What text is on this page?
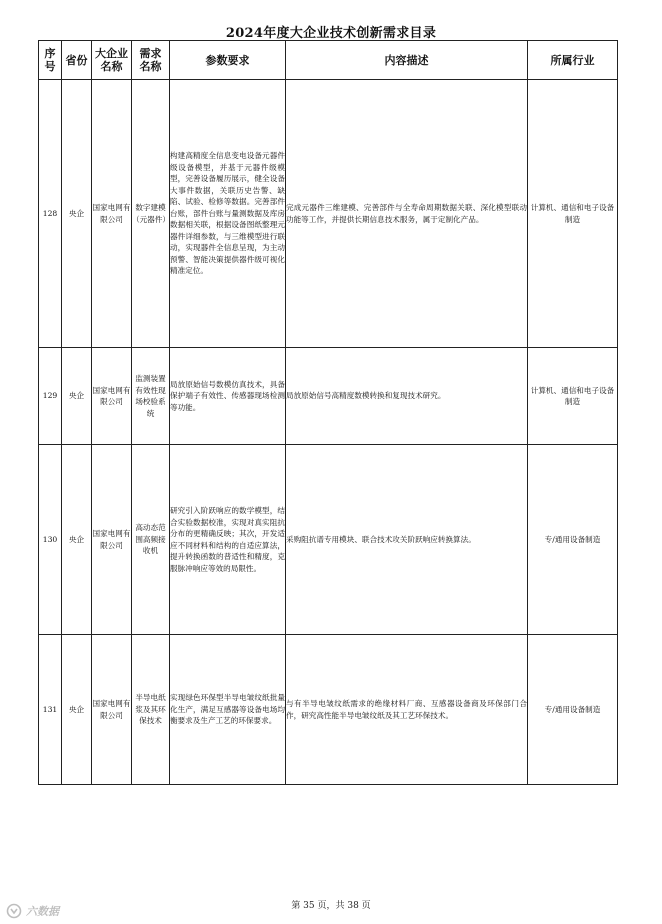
2024年度大企业技术创新需求目录
序号	省份	大企业名称	需求名称	参数要求	内容描述	所属行业
128	央企	国家电网有限公司	数字建模（元器件）	构建高精度全信息变电设备元器件级设备模型，并基于元器件级模型，完善设备履历展示，健全设备大事件数据，关联历史告警、缺陷、试验、检修等数据。完善部件台账，部件台账与量测数据及库房数据相关联，根据设备图纸整理元器件详细参数，与三维模型进行联动，实现器件全信息呈现，为主动预警、智能决策提供器件级可视化精准定位。	完成元器件三维建模、完善部件与全寿命周期数据关联、深化模型联动功能等工作，并提供长期信息技术服务，属于定制化产品。	计算机、通信和电子设备制造
129	央企	国家电网有限公司	监测装置有效性现场校验系统	局放原始信号数模仿真技术，具备保护端子有效性、传感器现场检测等功能。	局放原始信号高精度数模转换和复现技术研究。	计算机、通信和电子设备制造
130	央企	国家电网有限公司	高动态范围高频接收机	研究引入阶跃响应的数学模型，结合实验数据校准，实现对真实阻抗分布的更精确反映；其次，开发适应不同材料和结构的自适应算法，提升转换函数的普适性和精度，克服脉冲响应等效的局限性。	采购阻抗谱专用模块、联合技术攻关阶跃响应转换算法。	专/通用设备制造
131	央企	国家电网有限公司	半导电纸浆及其环保技术	实现绿色环保型半导电皱纹纸批量化生产，满足互感器等设备电场均衡要求及生产工艺的环保要求。	与有半导电皱纹纸需求的绝缘材料厂商、互感器设备商及环保部门合作，研究高性能半导电皱纹纸及其工艺环保技术。	专/通用设备制造
第 35 页，共 38 页
六数据
